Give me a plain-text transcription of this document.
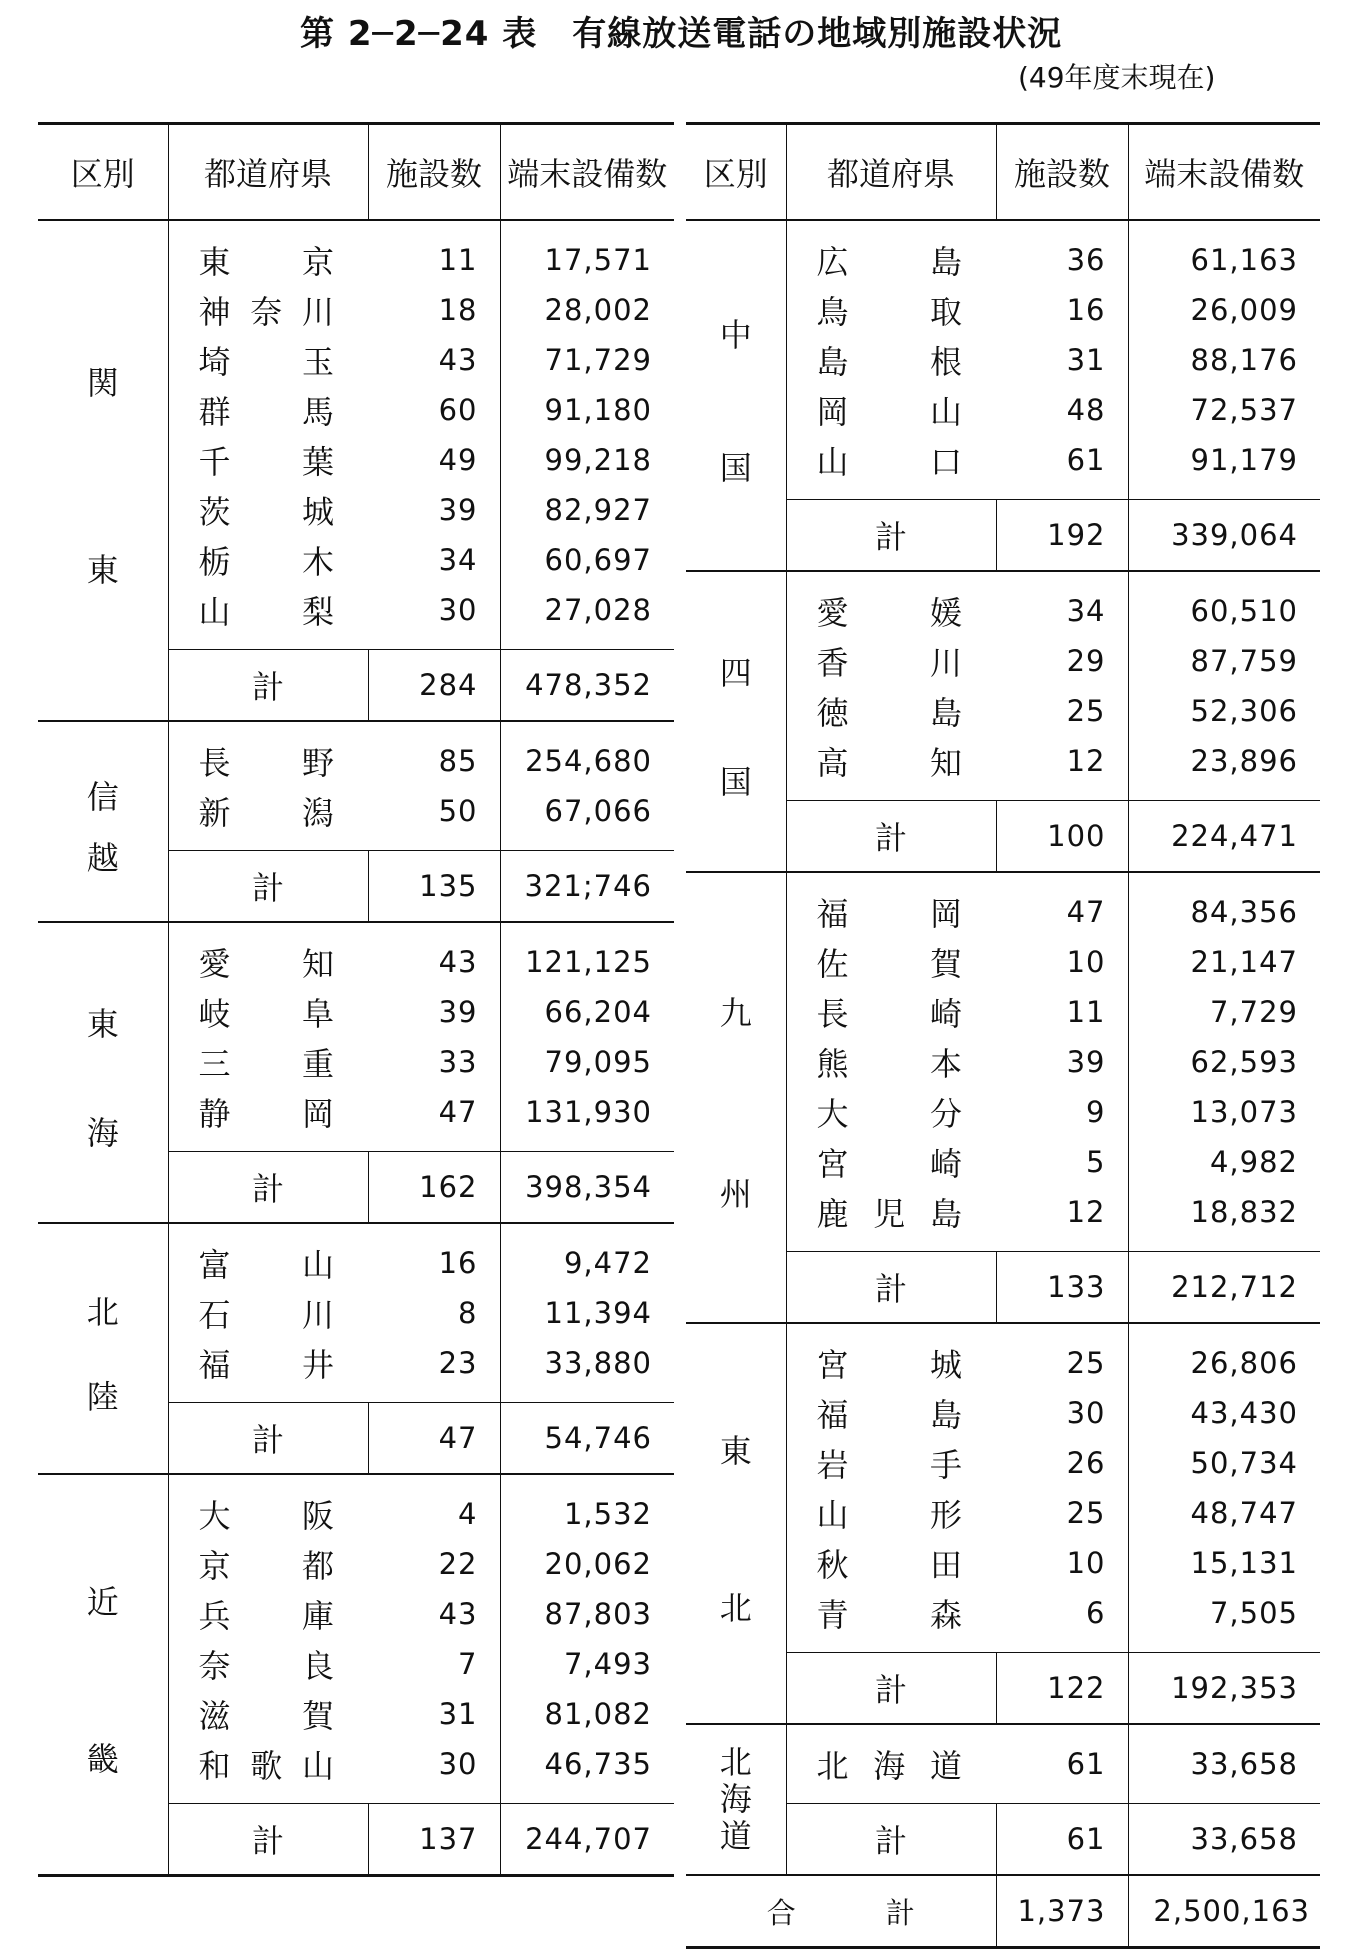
第 2─2─24 表　有線放送電話の地域別施設状況
(49年度末現在)
区別	都道府県	施設数	端末設備数
関

東	東京	11	17,571
	神奈川	18	28,002
	埼玉	43	71,729
	群馬	60	91,180
	千葉	49	99,218
	茨城	39	82,927
	栃木	34	60,697
	山梨	30	27,028
	計	284	478,352
信

越	長野	85	254,680
	新潟	50	67,066
	計	135	321;746
東

海	愛知	43	121,125
	岐阜	39	66,204
	三重	33	79,095
	静岡	47	131,930
	計	162	398,354
北

陸	富山	16	9,472
	石川	8	11,394
	福井	23	33,880
	計	47	54,746
近

畿	大阪	4	1,532
	京都	22	20,062
	兵庫	43	87,803
	奈良	7	7,493
	滋賀	31	81,082
	和歌山	30	46,735
	計	137	244,707
区別	都道府県	施設数	端末設備数
中

国	広島	36	61,163
	鳥取	16	26,009
	島根	31	88,176
	岡山	48	72,537
	山口	61	91,179
	計	192	339,064
四

国	愛媛	34	60,510
	香川	29	87,759
	徳島	25	52,306
	高知	12	23,896
	計	100	224,471
九

州	福岡	47	84,356
	佐賀	10	21,147
	長崎	11	7,729
	熊本	39	62,593
	大分	9	13,073
	宮崎	5	4,982
	鹿児島	12	18,832
	計	133	212,712
東

北	宮城	25	26,806
	福島	30	43,430
	岩手	26	50,734
	山形	25	48,747
	秋田	10	15,131
	青森	6	7,505
	計	122	192,353
北

海

道	北海道	61	33,658
	計	61	33,658
合 計		1,373	2,500,163
